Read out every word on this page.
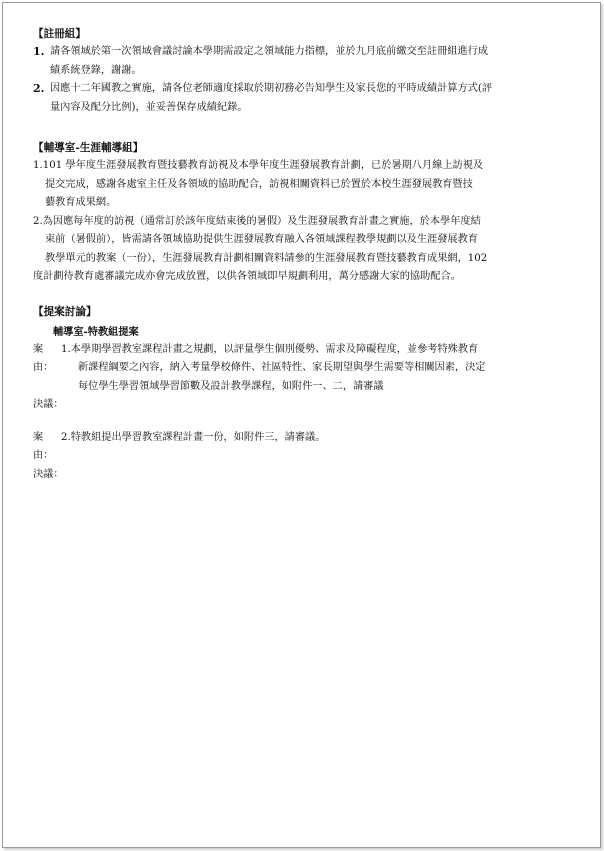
【註冊組】

1. 請各領域於第一次領域會議討論本學期需設定之領域能力指標，並於九月底前繳交至註冊組進行成
績系統登錄，謝謝。
2. 因應十二年國教之實施，請各位老師適度採取於期初務必告知學生及家長您的平時成績計算方式(評
量內容及配分比例)，並妥善保存成績紀錄。

【輔導室-生涯輔導組】

1. 101 學年度生涯發展教育暨技藝教育訪視及本學年度生涯發展教育計劃，已於暑期八月線上訪視及
提交完成，感謝各處室主任及各領域的協助配合，訪視相關資料已於置於本校生涯發展教育暨技
藝教育成果網。
2. 為因應每年度的訪視（通常訂於該年度結束後的暑假）及生涯發展教育計畫之實施，於本學年度結
束前（暑假前），皆需請各領域協助提供生涯發展教育融入各領域課程教學規劃以及生涯發展教育
教學單元的教案（一份），生涯發展教育計劃相關資料請參的生涯發展教育暨技藝教育成果網，102
度計劃待教育處審議完成亦會完成放置，以供各領域即早規劃利用，萬分感謝大家的協助配合。

【提案討論】

輔導室-特教組提案

案由：
1.本學期學習教室課程計畫之規劃，以評量學生個別優勢、需求及障礙程度，並參考特殊教育
新課程綱要之內容，納入考量學校條件、社區特性、家長期望與學生需要等相關因素，決定
每位學生學習領域學習節數及設計教學課程，如附件一、二，請審議
決議：
案由：
2.特教組提出學習教室課程計畫一份，如附件三，請審議。
決議：
